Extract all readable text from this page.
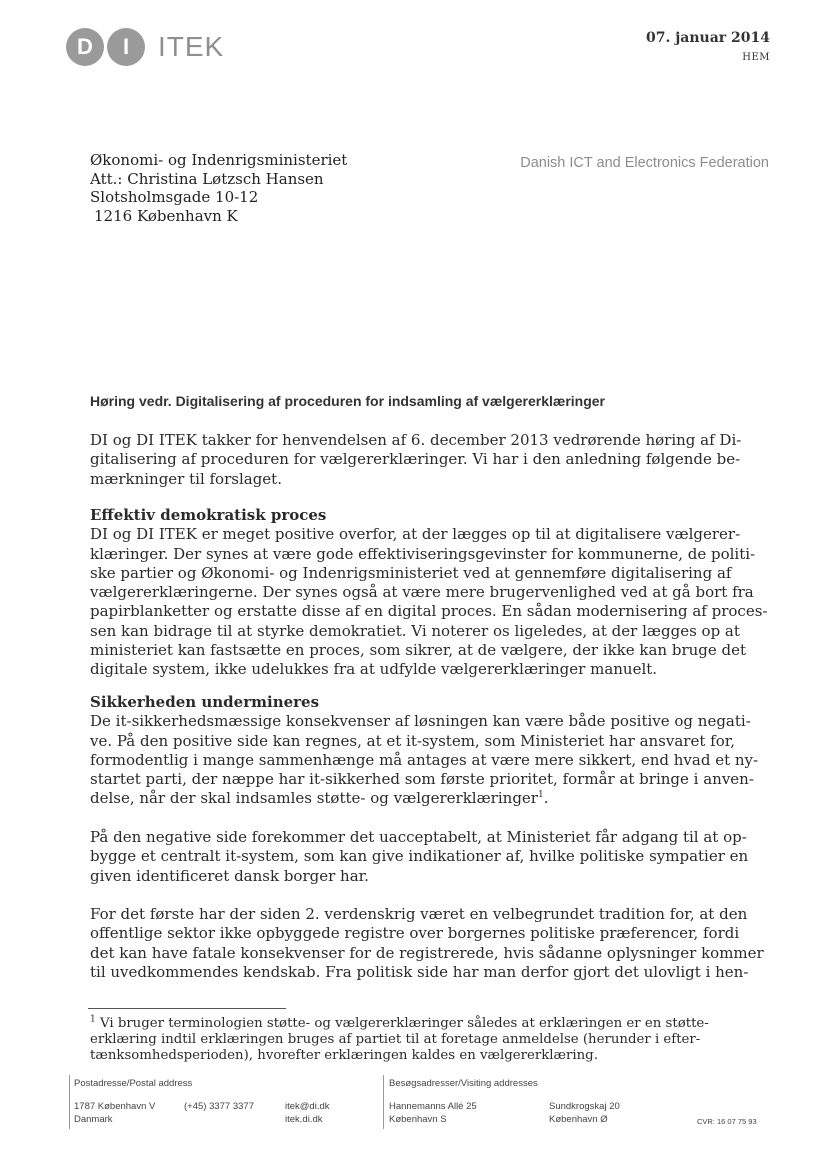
D	I	ITEK	07. januar 2014
HEM
Økonomi- og Indenrigsministeriet
Att.: Christina Løtzsch Hansen
Slotsholmsgade 10-12
1216 København K
Danish ICT and Electronics Federation
Høring vedr. Digitalisering af proceduren for indsamling af vælgererklæringer
DI og DI ITEK takker for henvendelsen af 6. december 2013 vedrørende høring af Di-
gitalisering af proceduren for vælgererklæringer. Vi har i den anledning følgende be-
mærkninger til forslaget.
Effektiv demokratisk proces
DI og DI ITEK er meget positive overfor, at der lægges op til at digitalisere vælgerer-
klæringer. Der synes at være gode effektiviseringsgevinster for kommunerne, de politi-
ske partier og Økonomi- og Indenrigsministeriet ved at gennemføre digitalisering af
vælgererklæringerne. Der synes også at være mere brugervenlighed ved at gå bort fra
papirblanketter og erstatte disse af en digital proces. En sådan modernisering af proces-
sen kan bidrage til at styrke demokratiet. Vi noterer os ligeledes, at der lægges op at
ministeriet kan fastsætte en proces, som sikrer, at de vælgere, der ikke kan bruge det
digitale system, ikke udelukkes fra at udfylde vælgererklæringer manuelt.
Sikkerheden undermineres
De it-sikkerhedsmæssige konsekvenser af løsningen kan være både positive og negati-
ve. På den positive side kan regnes, at et it-system, som Ministeriet har ansvaret for,
formodentlig i mange sammenhænge må antages at være mere sikkert, end hvad et ny-
startet parti, der næppe har it-sikkerhed som første prioritet, formår at bringe i anven-
delse, når der skal indsamles støtte- og vælgererklæringer$^1$.
På den negative side forekommer det uacceptabelt, at Ministeriet får adgang til at op-
bygge et centralt it-system, som kan give indikationer af, hvilke politiske sympatier en
given identificeret dansk borger har.
For det første har der siden 2. verdenskrig været en velbegrundet tradition for, at den
offentlige sektor ikke opbyggede registre over borgernes politiske præferencer, fordi
det kan have fatale konsekvenser for de registrerede, hvis sådanne oplysninger kommer
til uvedkommendes kendskab. Fra politisk side har man derfor gjort det ulovligt i hen-
$^1$ Vi bruger terminologien støtte- og vælgererklæringer således at erklæringen er en støtte-
erklæring indtil erklæringen bruges af partiet til at foretage anmeldelse (herunder i efter-
tænksomhedsperioden), hvorefter erklæringen kaldes en vælgererklæring.
Postadresse/Postal address
1787 København V
Danmark
(+45) 3377 3377	itek@di.dk
itek.di.dk
Besøgsadresser/Visiting addresses
Hannemanns Allé 25
København S
Sundkrogskaj 20
København Ø	CVR: 16 07 75 93
